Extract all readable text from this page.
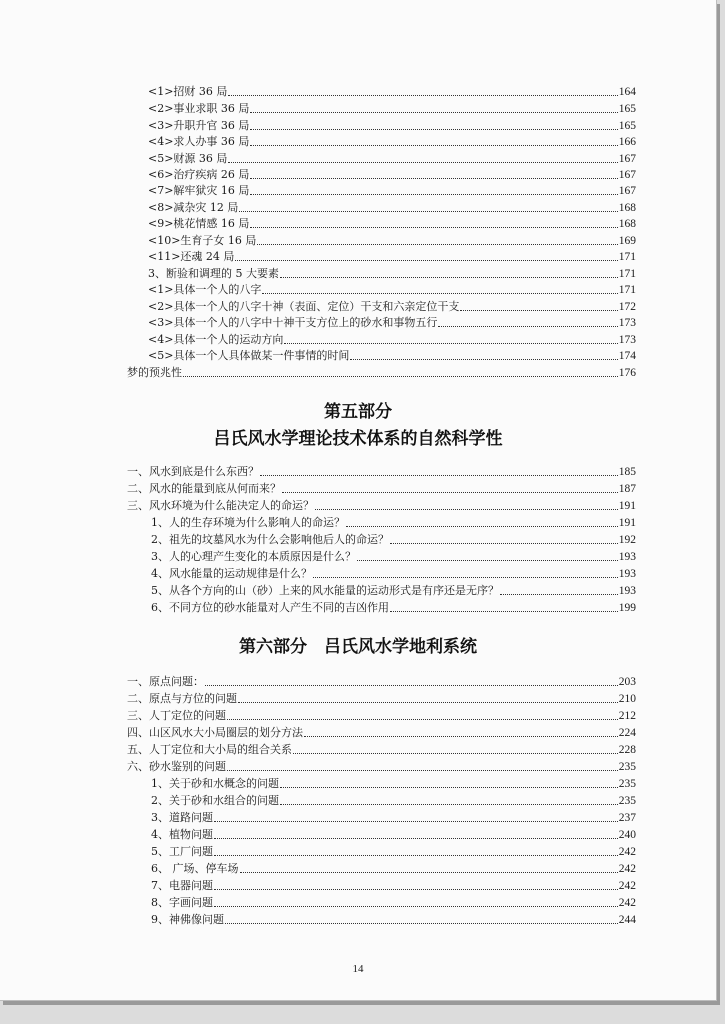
<1>招财 36 局	164
<2>事业求职 36 局	165
<3>升职升官 36 局	165
<4>求人办事 36 局	166
<5>财源 36 局	167
<6>治疗疾病 26 局	167
<7>解牢狱灾 16 局	167
<8>减杂灾 12 局	168
<9>桃花情感 16 局	168
<10>生育子女 16 局	169
<11>还魂 24 局	171
3、断验和调理的 5 大要素	171
<1>具体一个人的八字	171
<2>具体一个人的八字十神（表面、定位）干支和六亲定位干支	172
<3>具体一个人的八字中十神干支方位上的砂水和事物五行	173
<4>具体一个人的运动方向	173
<5>具体一个人具体做某一件事情的时间	174
梦的预兆性	176
第五部分
吕氏风水学理论技术体系的自然科学性
一、风水到底是什么东西？	185
二、风水的能量到底从何而来？	187
三、风水环境为什么能决定人的命运？	191
1、人的生存环境为什么影响人的命运？	191
2、祖先的坟墓风水为什么会影响他后人的命运？	192
3、人的心理产生变化的本质原因是什么？	193
4、风水能量的运动规律是什么？	193
5、从各个方向的山（砂）上来的风水能量的运动形式是有序还是无序？	193
6、不同方位的砂水能量对人产生不同的吉凶作用	199
第六部分　吕氏风水学地利系统
一、原点问题：	203
二、原点与方位的问题	210
三、人丁定位的问题	212
四、山区风水大小局圈层的划分方法	224
五、人丁定位和大小局的组合关系	228
六、砂水鉴别的问题	235
1、关于砂和水概念的问题	235
2、关于砂和水组合的问题	235
3、道路问题	237
4、植物问题	240
5、工厂问题	242
6、 广场、停车场	242
7、电器问题	242
8、字画问题	242
9、神佛像问题	244
14
